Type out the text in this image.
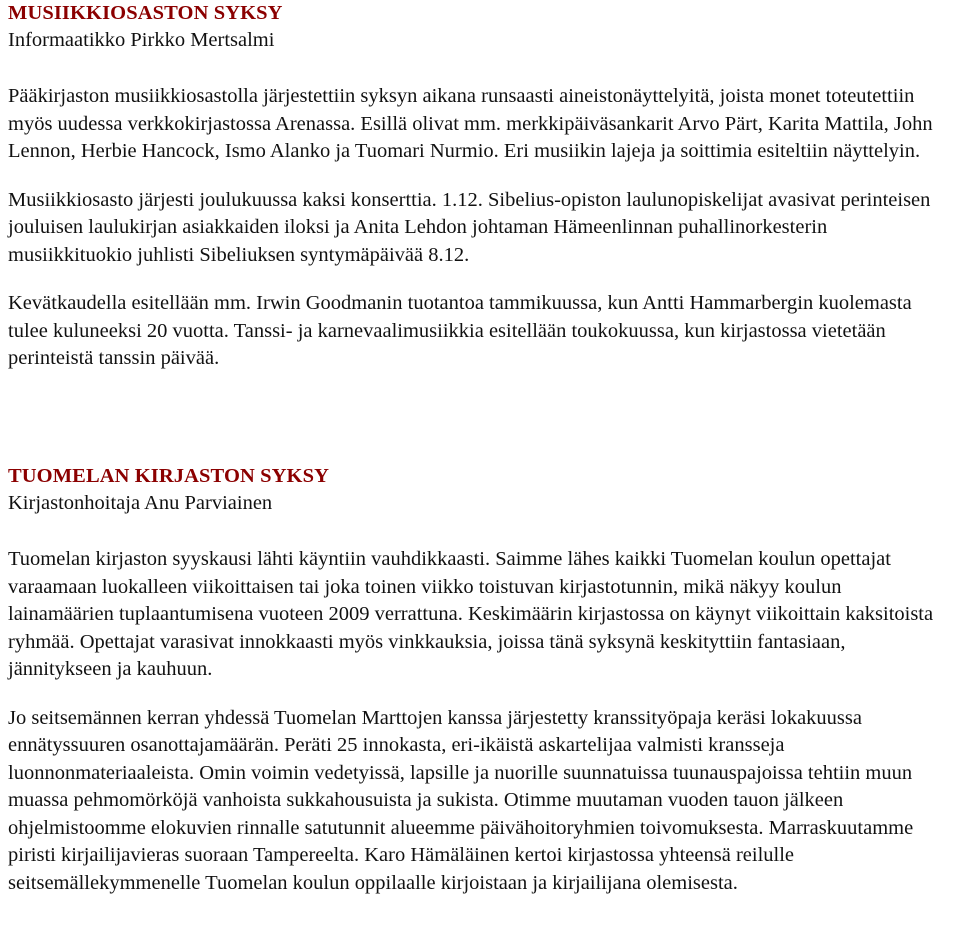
MUSIIKKIOSASTON SYKSY
Informaatikko Pirkko Mertsalmi

Pääkirjaston musiikkiosastolla järjestettiin syksyn aikana runsaasti aineistonäyttelyitä, joista monet toteutettiin myös uudessa verkkokirjastossa Arenassa. Esillä olivat mm. merkkipäiväsankarit Arvo Pärt, Karita Mattila, John Lennon, Herbie Hancock, Ismo Alanko ja Tuomari Nurmio. Eri musiikin lajeja ja soittimia esiteltiin näyttelyin.

Musiikkiosasto järjesti joulukuussa kaksi konserttia. 1.12. Sibelius-opiston laulunopiskelijat avasivat perinteisen jouluisen laulukirjan asiakkaiden iloksi ja Anita Lehdon johtaman Hämeenlinnan puhallinorkesterin musiikkituokio juhlisti Sibeliuksen syntymäpäivää 8.12.

Kevätkaudella esitellään mm. Irwin Goodmanin tuotantoa tammikuussa, kun Antti Hammarbergin kuolemasta tulee kuluneeksi 20 vuotta. Tanssi- ja karnevaalimusiikkia esitellään toukokuussa, kun kirjastossa vietetään perinteistä tanssin päivää.

TUOMELAN KIRJASTON SYKSY
Kirjastonhoitaja Anu Parviainen

Tuomelan kirjaston syyskausi lähti käyntiin vauhdikkaasti. Saimme lähes kaikki Tuomelan koulun opettajat varaamaan luokalleen viikoittaisen tai joka toinen viikko toistuvan kirjastotunnin, mikä näkyy koulun lainamäärien tuplaantumisena vuoteen 2009 verrattuna. Keskimäärin kirjastossa on käynyt viikoittain kaksitoista ryhmää. Opettajat varasivat innokkaasti myös vinkkauksia, joissa tänä syksynä keskityttiin fantasiaan, jännitykseen ja kauhuun.

Jo seitsemännen kerran yhdessä Tuomelan Marttojen kanssa järjestetty kranssityöpaja keräsi lokakuussa ennätyssuuren osanottajamäärän. Peräti 25 innokasta, eri-ikäistä askartelijaa valmisti kransseja luonnonmateriaaleista. Omin voimin vedetyissä, lapsille ja nuorille suunnatuissa tuunauspajoissa tehtiin muun muassa pehmomörköjä vanhoista sukkahousuista ja sukista. Otimme muutaman vuoden tauon jälkeen ohjelmistoomme elokuvien rinnalle satutunnit alueemme päivähoitoryhmien toivomuksesta. Marraskuutamme piristi kirjailijavieras suoraan Tampereelta. Karo Hämäläinen kertoi kirjastossa yhteensä reilulle seitsemällekymmenelle Tuomelan koulun oppilaalle kirjoistaan ja kirjailijana olemisesta.
